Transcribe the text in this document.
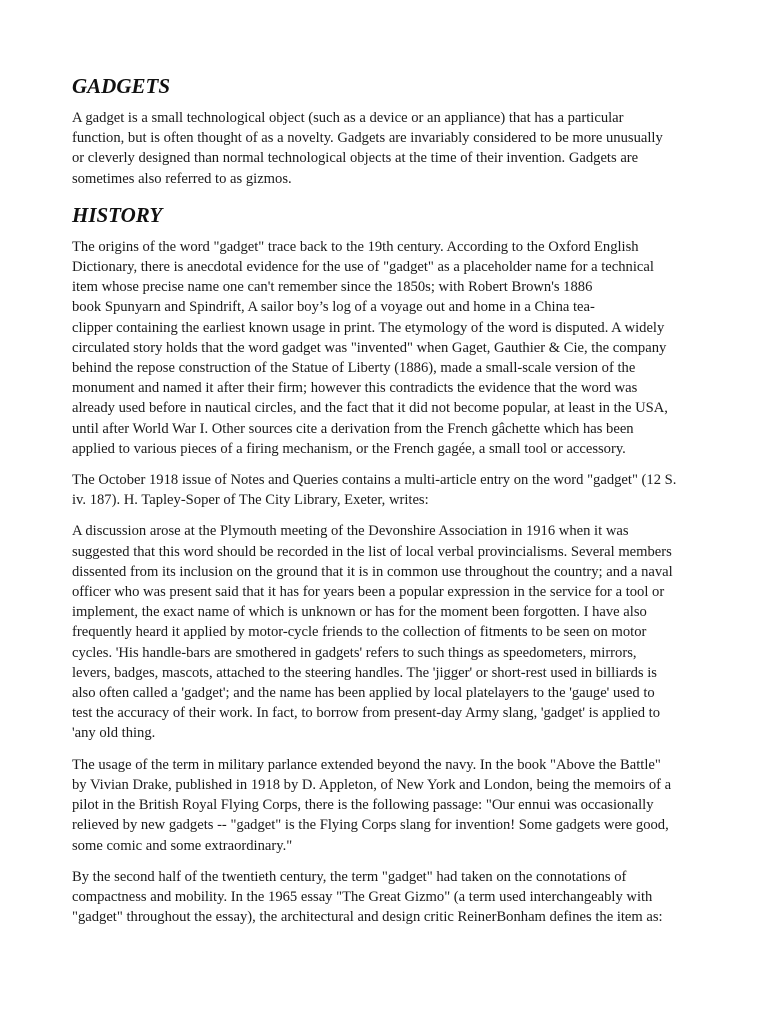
GADGETS

A gadget is a small technological object (such as a device or an appliance) that has a particular
function, but is often thought of as a novelty. Gadgets are invariably considered to be more unusually
or cleverly designed than normal technological objects at the time of their invention. Gadgets are
sometimes also referred to as gizmos.

HISTORY

The origins of the word "gadget" trace back to the 19th century. According to the Oxford English
Dictionary, there is anecdotal evidence for the use of "gadget" as a placeholder name for a technical
item whose precise name one can't remember since the 1850s; with Robert Brown's 1886
book Spunyarn and Spindrift, A sailor boy’s log of a voyage out and home in a China tea-
clipper containing the earliest known usage in print. The etymology of the word is disputed. A widely
circulated story holds that the word gadget was "invented" when Gaget, Gauthier & Cie, the company
behind the repose construction of the Statue of Liberty (1886), made a small-scale version of the
monument and named it after their firm; however this contradicts the evidence that the word was
already used before in nautical circles, and the fact that it did not become popular, at least in the USA,
until after World War I. Other sources cite a derivation from the French gâchette which has been
applied to various pieces of a firing mechanism, or the French gagée, a small tool or accessory.

The October 1918 issue of Notes and Queries contains a multi-article entry on the word "gadget" (12 S.
iv. 187). H. Tapley-Soper of The City Library, Exeter, writes:

A discussion arose at the Plymouth meeting of the Devonshire Association in 1916 when it was
suggested that this word should be recorded in the list of local verbal provincialisms. Several members
dissented from its inclusion on the ground that it is in common use throughout the country; and a naval
officer who was present said that it has for years been a popular expression in the service for a tool or
implement, the exact name of which is unknown or has for the moment been forgotten. I have also
frequently heard it applied by motor-cycle friends to the collection of fitments to be seen on motor
cycles. 'His handle-bars are smothered in gadgets' refers to such things as speedometers, mirrors,
levers, badges, mascots, attached to the steering handles. The 'jigger' or short-rest used in billiards is
also often called a 'gadget'; and the name has been applied by local platelayers to the 'gauge' used to
test the accuracy of their work. In fact, to borrow from present-day Army slang, 'gadget' is applied to
'any old thing.

The usage of the term in military parlance extended beyond the navy. In the book "Above the Battle"
by Vivian Drake, published in 1918 by D. Appleton, of New York and London, being the memoirs of a
pilot in the British Royal Flying Corps, there is the following passage: "Our ennui was occasionally
relieved by new gadgets -- "gadget" is the Flying Corps slang for invention! Some gadgets were good,
some comic and some extraordinary."

By the second half of the twentieth century, the term "gadget" had taken on the connotations of
compactness and mobility. In the 1965 essay "The Great Gizmo" (a term used interchangeably with
"gadget" throughout the essay), the architectural and design critic ReinerBonham defines the item as:
